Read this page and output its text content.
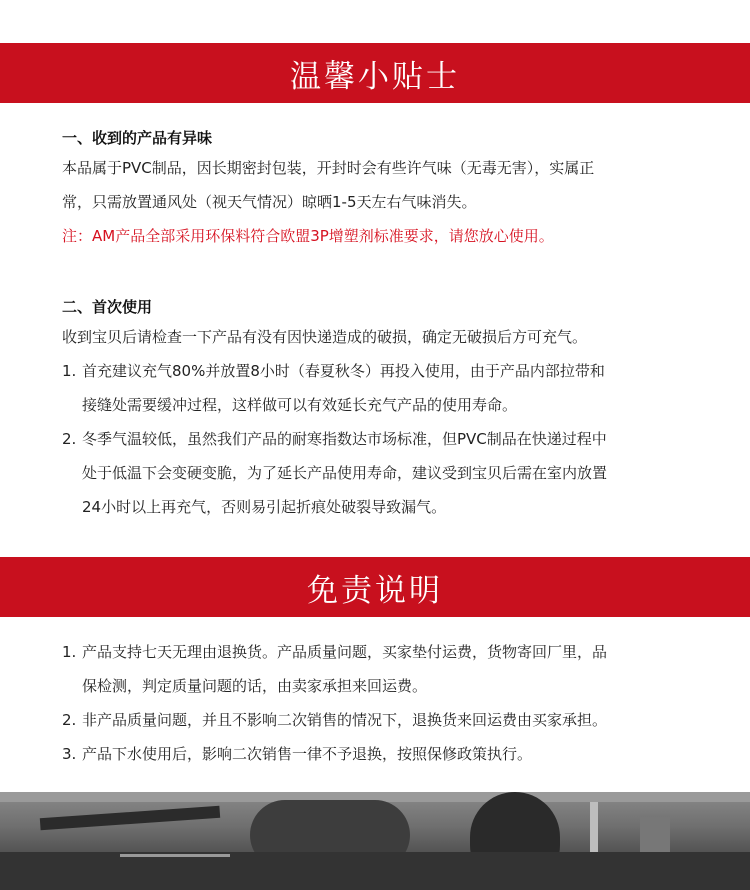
温馨小贴士
一、收到的产品有异味
本品属于PVC制品，因长期密封包装，开封时会有些许气味（无毒无害），实属正
常，只需放置通风处（视天气情况）晾晒1-5天左右气味消失。
注：AM产品全部采用环保料符合欧盟3P增塑剂标准要求，请您放心使用。
二、首次使用
收到宝贝后请检查一下产品有没有因快递造成的破损，确定无破损后方可充气。
1. 首充建议充气80%并放置8小时（春夏秋冬）再投入使用，由于产品内部拉带和
接缝处需要缓冲过程，这样做可以有效延长充气产品的使用寿命。
2. 冬季气温较低，虽然我们产品的耐寒指数达市场标准，但PVC制品在快递过程中
处于低温下会变硬变脆，为了延长产品使用寿命，建议受到宝贝后需在室内放置
24小时以上再充气，否则易引起折痕处破裂导致漏气。
免责说明
1. 产品支持七天无理由退换货。产品质量问题，买家垫付运费，货物寄回厂里，品
保检测，判定质量问题的话，由卖家承担来回运费。
2. 非产品质量问题，并且不影响二次销售的情况下，退换货来回运费由买家承担。
3. 产品下水使用后，影响二次销售一律不予退换，按照保修政策执行。
